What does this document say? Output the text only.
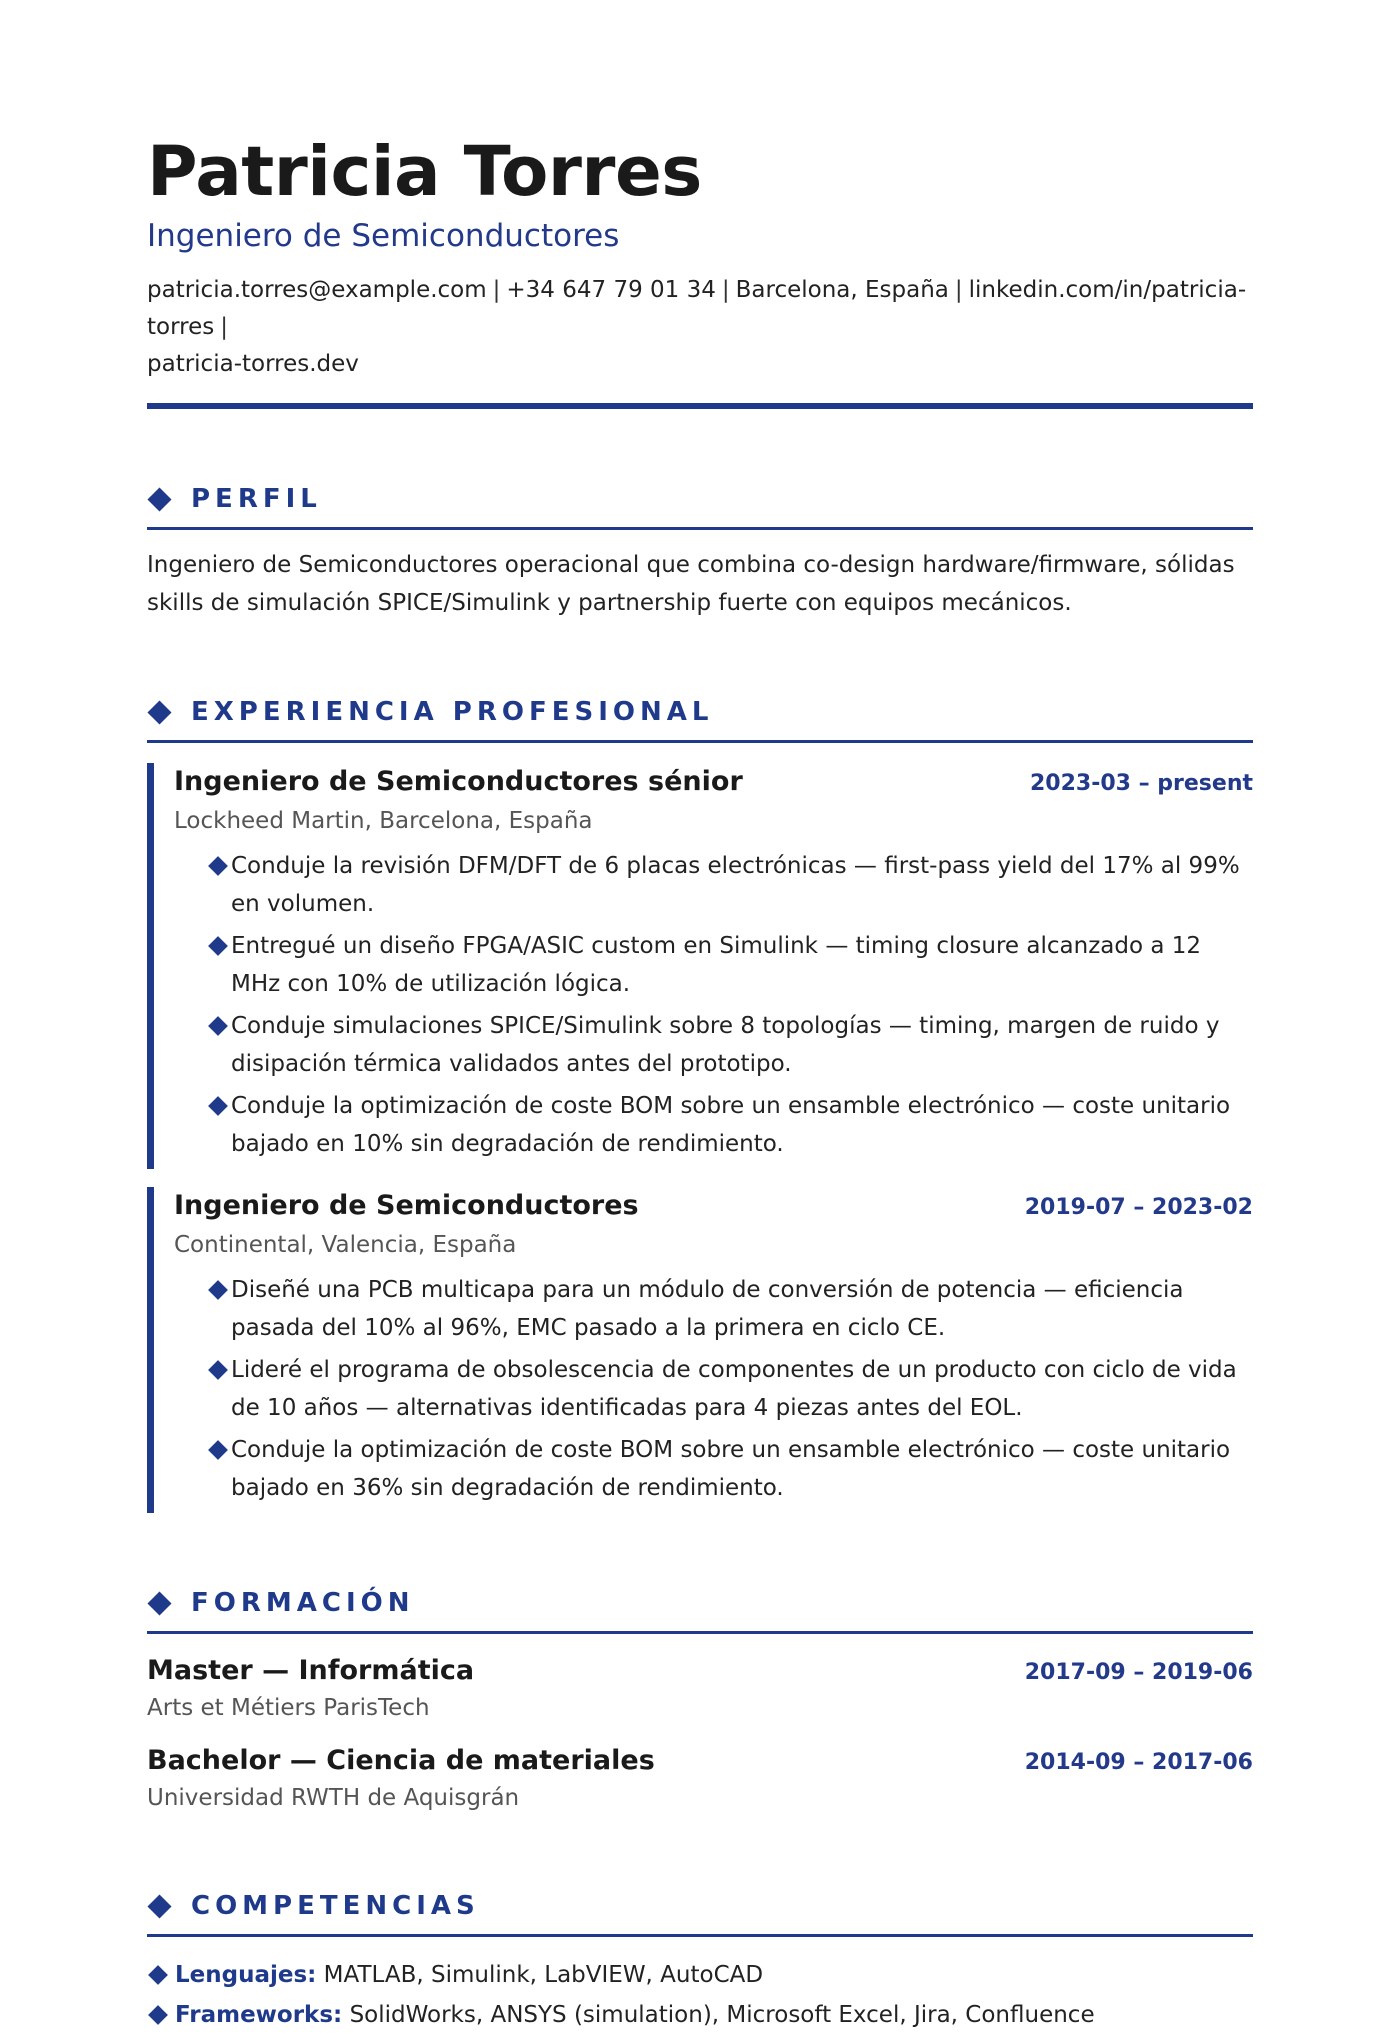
Patricia Torres
Ingeniero de Semiconductores
patricia.torres@example.com | +34 647 79 01 34 | Barcelona, España | linkedin.com/in/patricia-torres |
patricia-torres.dev
PERFIL
Ingeniero de Semiconductores operacional que combina co-design hardware/firmware, sólidas skills de simulación SPICE/Simulink y partnership fuerte con equipos mecánicos.
EXPERIENCIA PROFESIONAL
Ingeniero de Semiconductores sénior	2023-03 – present
Lockheed Martin, Barcelona, España
Conduje la revisión DFM/DFT de 6 placas electrónicas — first-pass yield del 17% al 99% en volumen.
Entregué un diseño FPGA/ASIC custom en Simulink — timing closure alcanzado a 12 MHz con 10% de utilización lógica.
Conduje simulaciones SPICE/Simulink sobre 8 topologías — timing, margen de ruido y disipación térmica validados antes del prototipo.
Conduje la optimización de coste BOM sobre un ensamble electrónico — coste unitario bajado en 10% sin degradación de rendimiento.
Ingeniero de Semiconductores	2019-07 – 2023-02
Continental, Valencia, España
Diseñé una PCB multicapa para un módulo de conversión de potencia — eficiencia pasada del 10% al 96%, EMC pasado a la primera en ciclo CE.
Lideré el programa de obsolescencia de componentes de un producto con ciclo de vida de 10 años — alternativas identificadas para 4 piezas antes del EOL.
Conduje la optimización de coste BOM sobre un ensamble electrónico — coste unitario bajado en 36% sin degradación de rendimiento.
FORMACIÓN
Master — Informática	2017-09 – 2019-06
Arts et Métiers ParisTech
Bachelor — Ciencia de materiales	2014-09 – 2017-06
Universidad RWTH de Aquisgrán
COMPETENCIAS
Lenguajes: MATLAB, Simulink, LabVIEW, AutoCAD
Frameworks: SolidWorks, ANSYS (simulation), Microsoft Excel, Jira, Confluence
